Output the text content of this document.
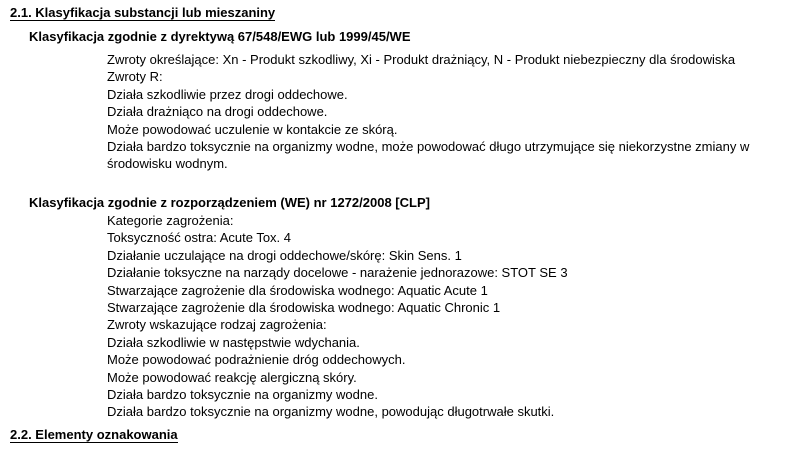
2.1. Klasyfikacja substancji lub mieszaniny
Klasyfikacja zgodnie z dyrektywą 67/548/EWG lub 1999/45/WE
Zwroty określające: Xn - Produkt szkodliwy, Xi - Produkt drażniący, N - Produkt niebezpieczny dla środowiska
Zwroty R:
Działa szkodliwie przez drogi oddechowe.
Działa drażniąco na drogi oddechowe.
Może powodować uczulenie w kontakcie ze skórą.
Działa bardzo toksycznie na organizmy wodne, może powodować długo utrzymujące się niekorzystne zmiany w środowisku wodnym.
Klasyfikacja zgodnie z rozporządzeniem (WE) nr 1272/2008 [CLP]
Kategorie zagrożenia:
Toksyczność ostra: Acute Tox. 4
Działanie uczulające na drogi oddechowe/skórę: Skin Sens. 1
Działanie toksyczne na narządy docelowe - narażenie jednorazowe: STOT SE 3
Stwarzające zagrożenie dla środowiska wodnego: Aquatic Acute 1
Stwarzające zagrożenie dla środowiska wodnego: Aquatic Chronic 1
Zwroty wskazujące rodzaj zagrożenia:
Działa szkodliwie w następstwie wdychania.
Może powodować podrażnienie dróg oddechowych.
Może powodować reakcję alergiczną skóry.
Działa bardzo toksycznie na organizmy wodne.
Działa bardzo toksycznie na organizmy wodne, powodując długotrwałe skutki.
2.2. Elementy oznakowania
